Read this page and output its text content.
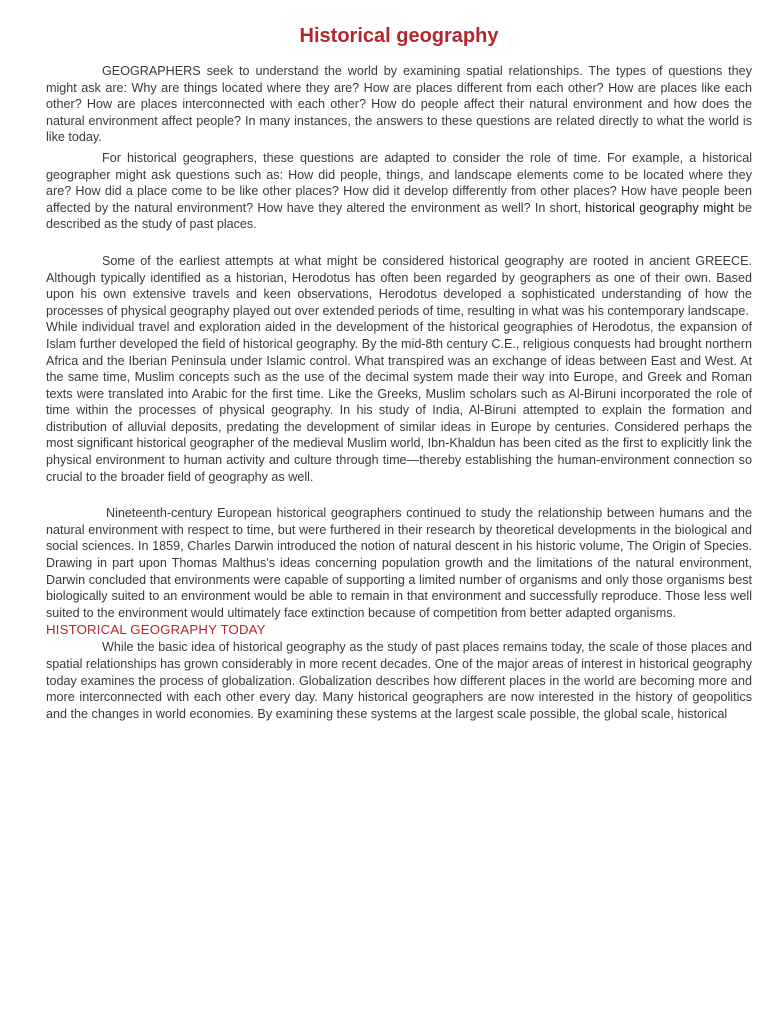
Historical geography

GEOGRAPHERS seek to understand the world by examining spatial relationships. The types of questions they might ask are: Why are things located where they are? How are places different from each other? How are places like each other? How are places interconnected with each other? How do people affect their natural environment and how does the natural environment affect people? In many instances, the answers to these questions are related directly to what the world is like today.

For historical geographers, these questions are adapted to consider the role of time. For example, a historical geographer might ask questions such as: How did people, things, and landscape elements come to be located where they are? How did a place come to be like other places? How did it develop differently from other places? How have people been affected by the natural environment? How have they altered the environment as well? In short, historical geography might be described as the study of past places.

Some of the earliest attempts at what might be considered historical geography are rooted in ancient GREECE. Although typically identified as a historian, Herodotus has often been regarded by geographers as one of their own. Based upon his own extensive travels and keen observations, Herodotus developed a sophisticated understanding of how the processes of physical geography played out over extended periods of time, resulting in what was his contemporary landscape.

While individual travel and exploration aided in the development of the historical geographies of Herodotus, the expansion of Islam further developed the field of historical geography. By the mid-8th century C.E., religious conquests had brought northern Africa and the Iberian Peninsula under Islamic control. What transpired was an exchange of ideas between East and West. At the same time, Muslim concepts such as the use of the decimal system made their way into Europe, and Greek and Roman texts were translated into Arabic for the first time. Like the Greeks, Muslim scholars such as Al-Biruni incorporated the role of time within the processes of physical geography. In his study of India, Al-Biruni attempted to explain the formation and distribution of alluvial deposits, predating the development of similar ideas in Europe by centuries. Considered perhaps the most significant historical geographer of the medieval Muslim world, Ibn-Khaldun has been cited as the first to explicitly link the physical environment to human activity and culture through time—thereby establishing the human-environment connection so crucial to the broader field of geography as well.

Nineteenth-century European historical geographers continued to study the relationship between humans and the natural environment with respect to time, but were furthered in their research by theoretical developments in the biological and social sciences. In 1859, Charles Darwin introduced the notion of natural descent in his historic volume, The Origin of Species. Drawing in part upon Thomas Malthus's ideas concerning population growth and the limitations of the natural environment, Darwin concluded that environments were capable of supporting a limited number of organisms and only those organisms best biologically suited to an environment would be able to remain in that environment and successfully reproduce. Those less well suited to the environment would ultimately face extinction because of competition from better adapted organisms.

HISTORICAL GEOGRAPHY TODAY

While the basic idea of historical geography as the study of past places remains today, the scale of those places and spatial relationships has grown considerably in more recent decades. One of the major areas of interest in historical geography today examines the process of globalization. Globalization describes how different places in the world are becoming more and more interconnected with each other every day. Many historical geographers are now interested in the history of geopolitics and the changes in world economies. By examining these systems at the largest scale possible, the global scale, historical
